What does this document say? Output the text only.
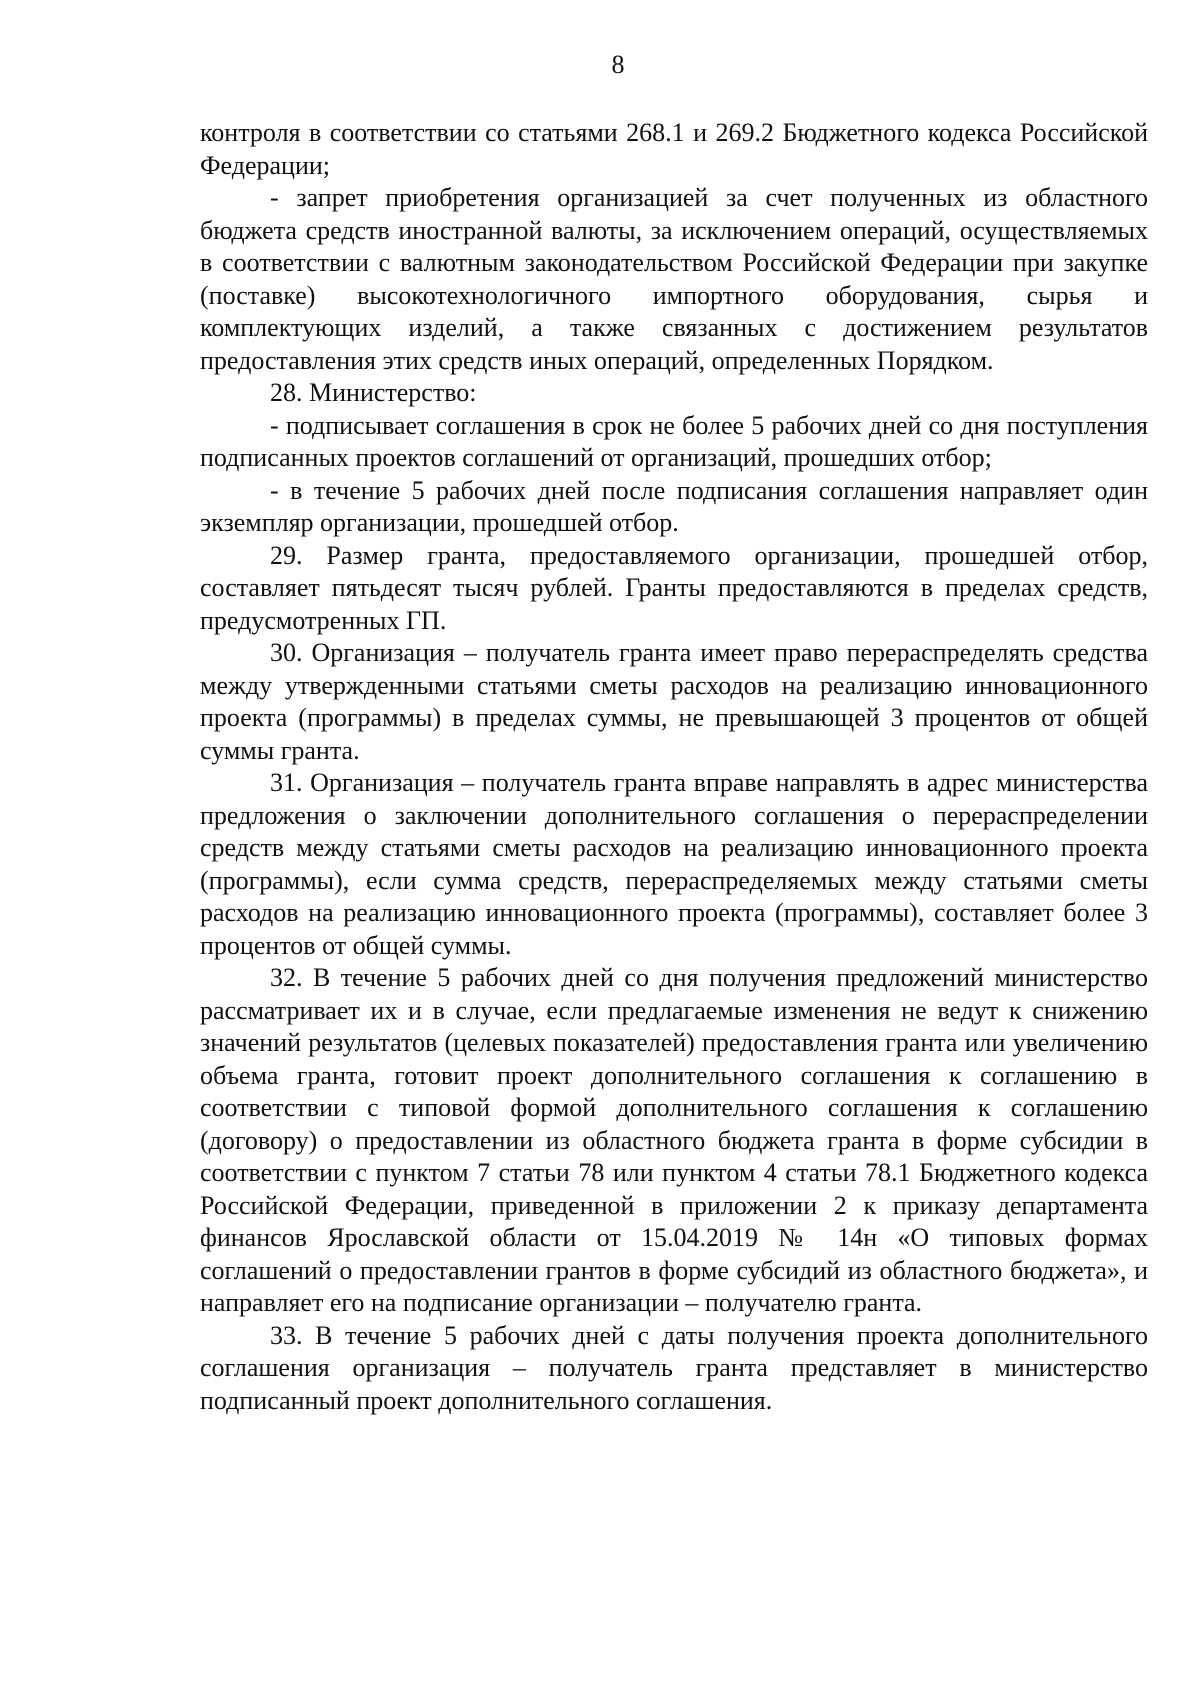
8

контроля в соответствии со статьями 268.1 и 269.2 Бюджетного кодекса Российской Федерации;

- запрет приобретения организацией за счет полученных из областного бюджета средств иностранной валюты, за исключением операций, осуществляемых в соответствии с валютным законодательством Российской Федерации при закупке (поставке) высокотехнологичного импортного оборудования, сырья и комплектующих изделий, а также связанных с достижением результатов предоставления этих средств иных операций, определенных Порядком.

28. Министерство:

- подписывает соглашения в срок не более 5 рабочих дней со дня поступления подписанных проектов соглашений от организаций, прошедших отбор;

- в течение 5 рабочих дней после подписания соглашения направляет один экземпляр организации, прошедшей отбор.

29. Размер гранта, предоставляемого организации, прошедшей отбор, составляет пятьдесят тысяч рублей. Гранты предоставляются в пределах средств, предусмотренных ГП.

30. Организация – получатель гранта имеет право перераспределять средства между утвержденными статьями сметы расходов на реализацию инновационного проекта (программы) в пределах суммы, не превышающей 3 процентов от общей суммы гранта.

31. Организация – получатель гранта вправе направлять в адрес министерства предложения о заключении дополнительного соглашения о перераспределении средств между статьями сметы расходов на реализацию инновационного проекта (программы), если сумма средств, перераспределяемых между статьями сметы расходов на реализацию инновационного проекта (программы), составляет более 3 процентов от общей суммы.

32. В течение 5 рабочих дней со дня получения предложений министерство рассматривает их и в случае, если предлагаемые изменения не ведут к снижению значений результатов (целевых показателей) предоставления гранта или увеличению объема гранта, готовит проект дополнительного соглашения к соглашению в соответствии с типовой формой дополнительного соглашения к соглашению (договору) о предоставлении из областного бюджета гранта в форме субсидии в соответствии с пунктом 7 статьи 78 или пунктом 4 статьи 78.1 Бюджетного кодекса Российской Федерации, приведенной в приложении 2 к приказу департамента финансов Ярославской области от 15.04.2019 № 14н «О типовых формах соглашений о предоставлении грантов в форме субсидий из областного бюджета», и направляет его на подписание организации – получателю гранта.

33. В течение 5 рабочих дней с даты получения проекта дополнительного соглашения организация – получатель гранта представляет в министерство подписанный проект дополнительного соглашения.
